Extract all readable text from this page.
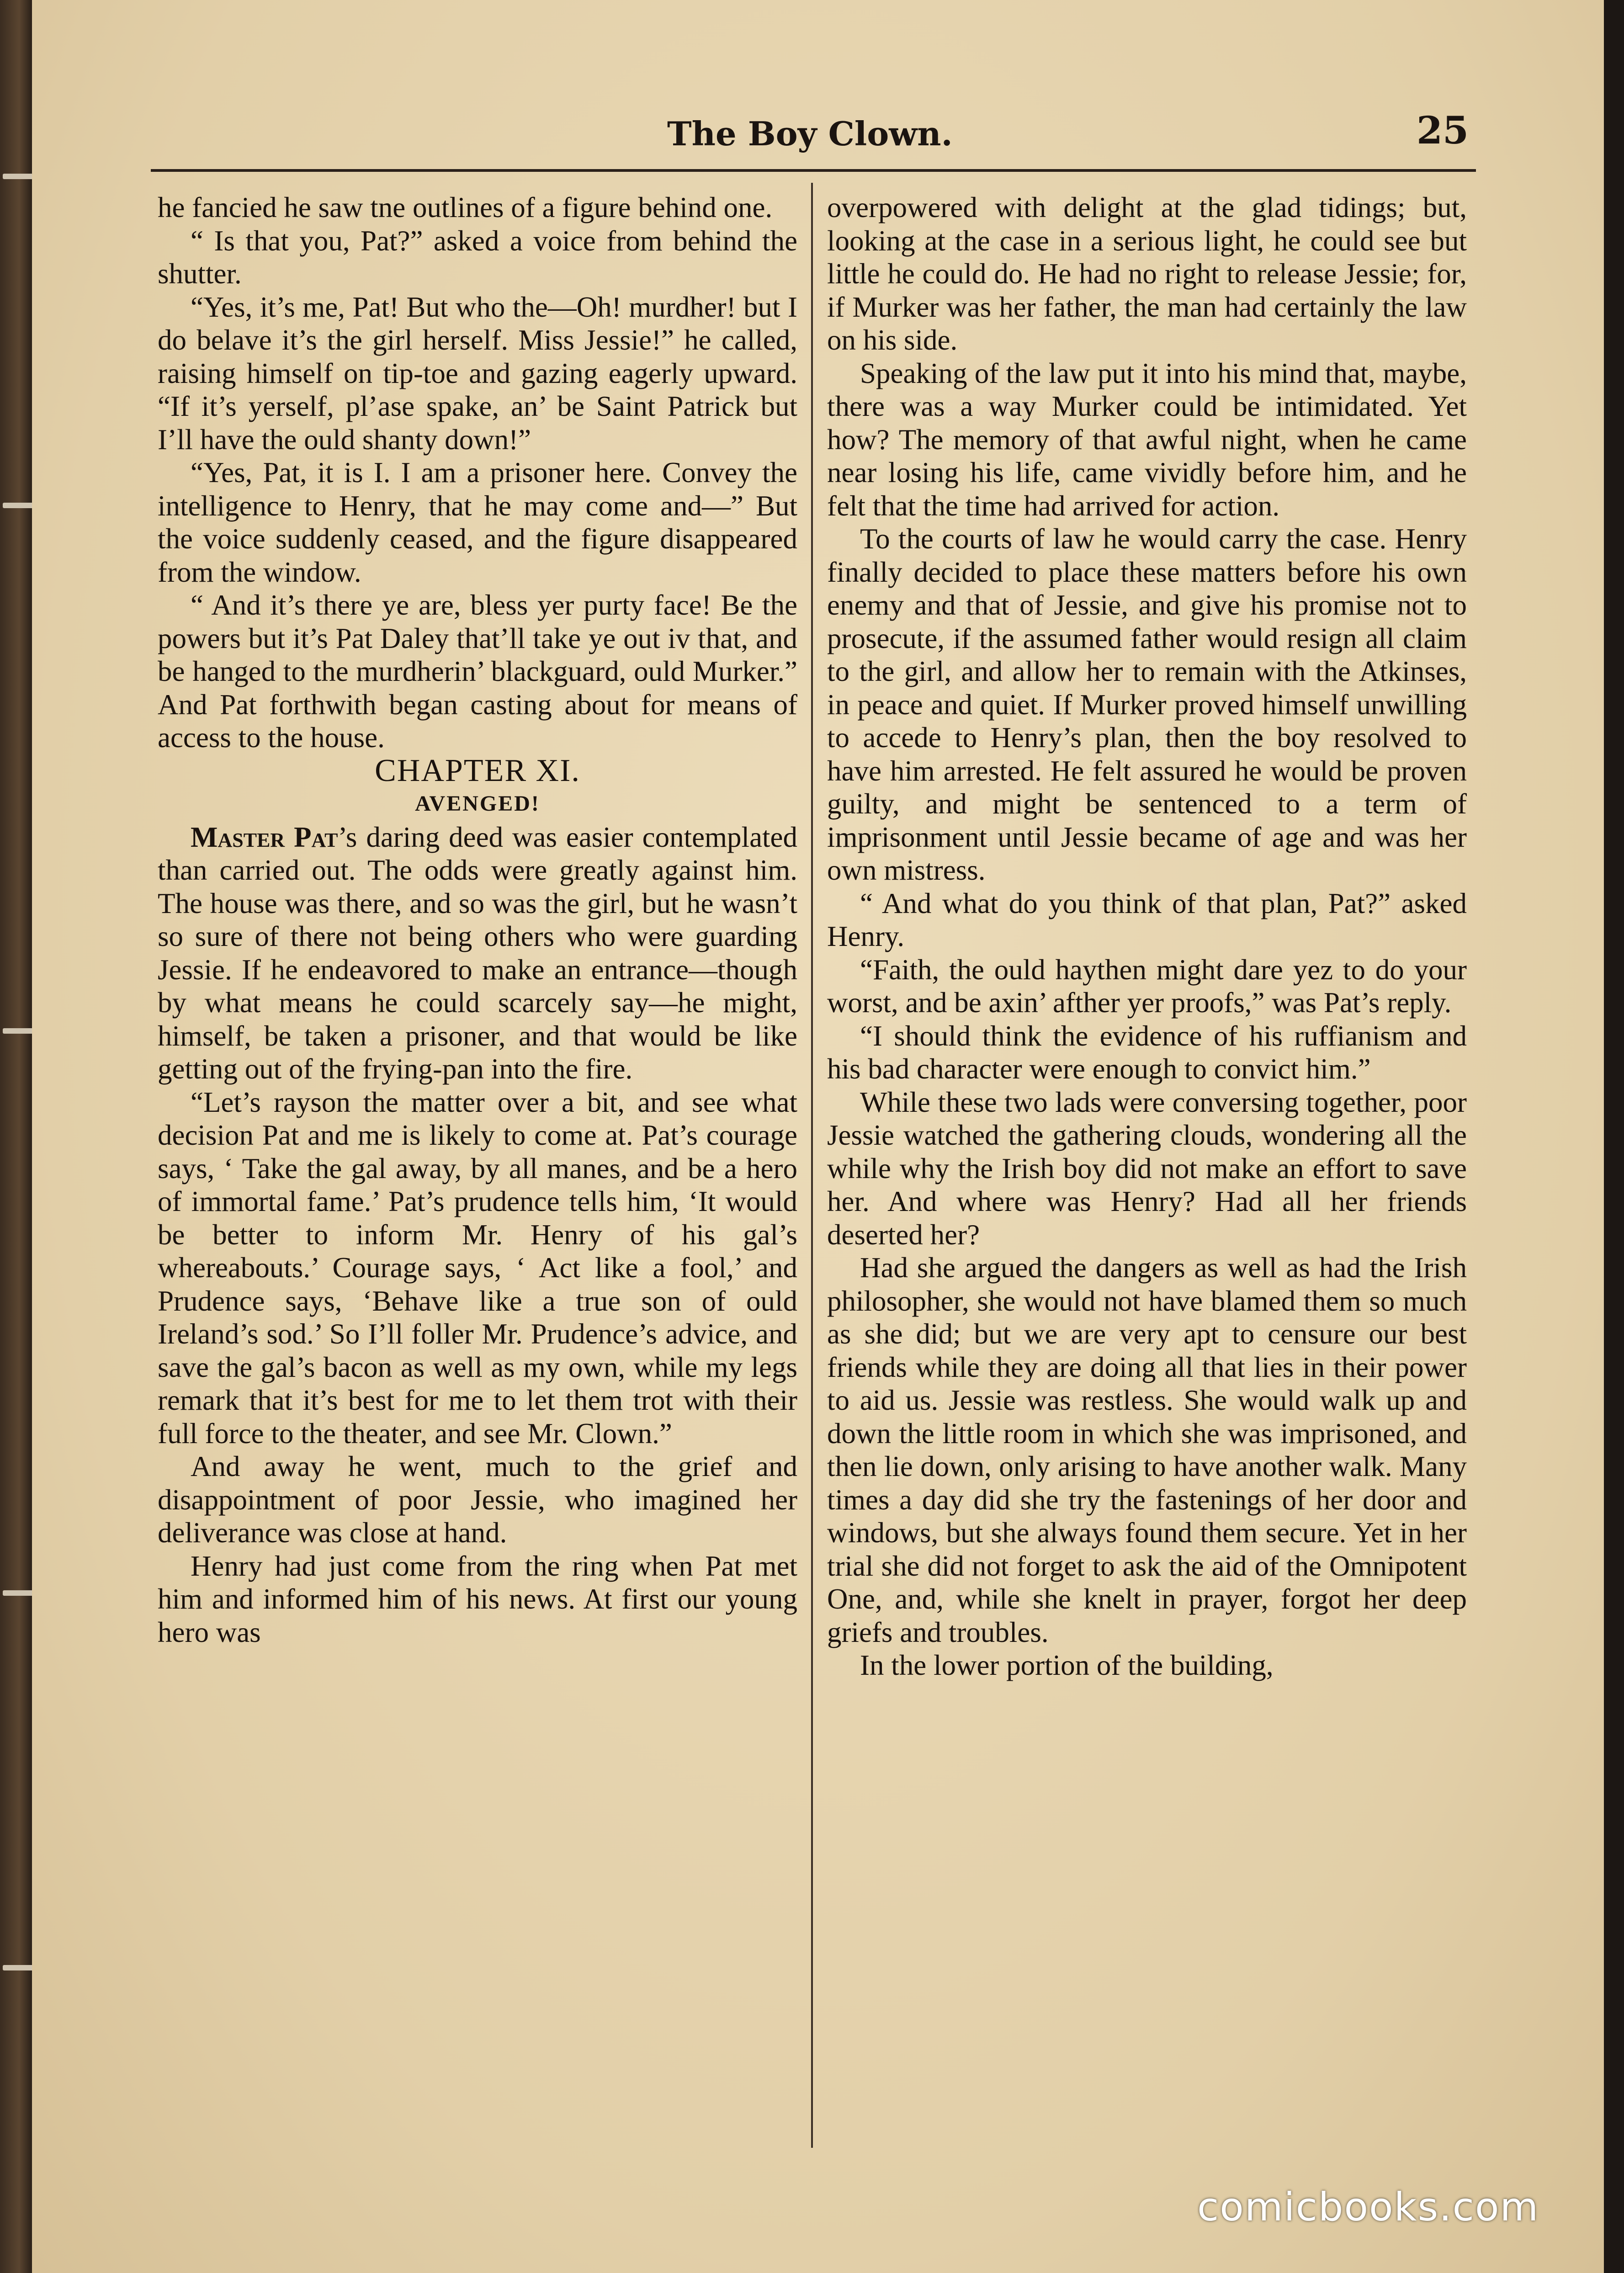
The Boy Clown.	25

he fancied he saw tne outlines of a figure behind one.

“ Is that you, Pat?” asked a voice from behind the shutter.

“Yes, it’s me, Pat! But who the—Oh! murdher! but I do belave it’s the girl herself. Miss Jessie!” he called, raising himself on tip-toe and gazing eagerly upward. “If it’s yerself, pl’ase spake, an’ be Saint Patrick but I’ll have the ould shanty down!”

“Yes, Pat, it is I. I am a prisoner here. Convey the intelligence to Henry, that he may come and—” But the voice suddenly ceased, and the figure disappeared from the window.

“ And it’s there ye are, bless yer purty face! Be the powers but it’s Pat Daley that’ll take ye out iv that, and be hanged to the murdherin’ blackguard, ould Murker.” And Pat forthwith began casting about for means of access to the house.

CHAPTER XI.

AVENGED!

Master Pat’s daring deed was easier contemplated than carried out. The odds were greatly against him. The house was there, and so was the girl, but he wasn’t so sure of there not being others who were guarding Jessie. If he endeavored to make an entrance—though by what means he could scarcely say—he might, himself, be taken a prisoner, and that would be like getting out of the frying-pan into the fire.

“Let’s rayson the matter over a bit, and see what decision Pat and me is likely to come at. Pat’s courage says, ‘ Take the gal away, by all manes, and be a hero of immortal fame.’ Pat’s prudence tells him, ‘It would be better to inform Mr. Henry of his gal’s whereabouts.’ Courage says, ‘ Act like a fool,’ and Prudence says, ‘Behave like a true son of ould Ireland’s sod.’ So I’ll foller Mr. Prudence’s advice, and save the gal’s bacon as well as my own, while my legs remark that it’s best for me to let them trot with their full force to the theater, and see Mr. Clown.”

And away he went, much to the grief and disappointment of poor Jessie, who imagined her deliverance was close at hand.

Henry had just come from the ring when Pat met him and informed him of his news. At first our young hero was

overpowered with delight at the glad tidings; but, looking at the case in a serious light, he could see but little he could do. He had no right to release Jessie; for, if Murker was her father, the man had certainly the law on his side.

Speaking of the law put it into his mind that, maybe, there was a way Murker could be intimidated. Yet how? The memory of that awful night, when he came near losing his life, came vividly before him, and he felt that the time had arrived for action.

To the courts of law he would carry the case. Henry finally decided to place these matters before his own enemy and that of Jessie, and give his promise not to prosecute, if the assumed father would resign all claim to the girl, and allow her to remain with the Atkinses, in peace and quiet. If Murker proved himself unwilling to accede to Henry’s plan, then the boy resolved to have him arrested. He felt assured he would be proven guilty, and might be sentenced to a term of imprisonment until Jessie became of age and was her own mistress.

“ And what do you think of that plan, Pat?” asked Henry.

“Faith, the ould haythen might dare yez to do your worst, and be axin’ afther yer proofs,” was Pat’s reply.

“I should think the evidence of his ruffianism and his bad character were enough to convict him.”

While these two lads were conversing together, poor Jessie watched the gathering clouds, wondering all the while why the Irish boy did not make an effort to save her. And where was Henry? Had all her friends deserted her?

Had she argued the dangers as well as had the Irish philosopher, she would not have blamed them so much as she did; but we are very apt to censure our best friends while they are doing all that lies in their power to aid us. Jessie was restless. She would walk up and down the little room in which she was imprisoned, and then lie down, only arising to have another walk. Many times a day did she try the fastenings of her door and windows, but she always found them secure. Yet in her trial she did not forget to ask the aid of the Omnipotent One, and, while she knelt in prayer, forgot her deep griefs and troubles.

In the lower portion of the building,

comicbooks.com
